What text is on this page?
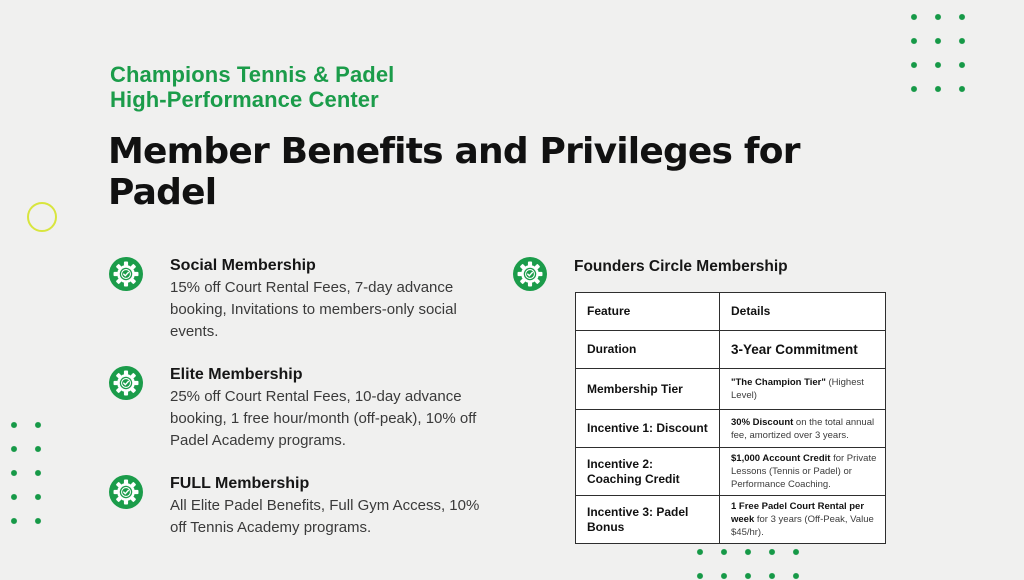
Champions Tennis & Padel
High-Performance Center
Member Benefits and Privileges for Padel
Social Membership
15% off Court Rental Fees, 7-day advance booking, Invitations to members-only social events.
Elite Membership
25% off Court Rental Fees, 10-day advance booking, 1 free hour/month (off-peak), 10% off Padel Academy programs.
FULL Membership
All Elite Padel Benefits, Full Gym Access, 10% off Tennis Academy programs.
Founders Circle Membership
Feature	Details
Duration	3-Year Commitment
Membership Tier	"The Champion Tier" (Highest Level)
Incentive 1: Discount	30% Discount on the total annual fee, amortized over 3 years.
Incentive 2: Coaching Credit	$1,000 Account Credit for Private Lessons (Tennis or Padel) or Performance Coaching.
Incentive 3: Padel Bonus	1 Free Padel Court Rental per week for 3 years (Off-Peak, Value $45/hr).
